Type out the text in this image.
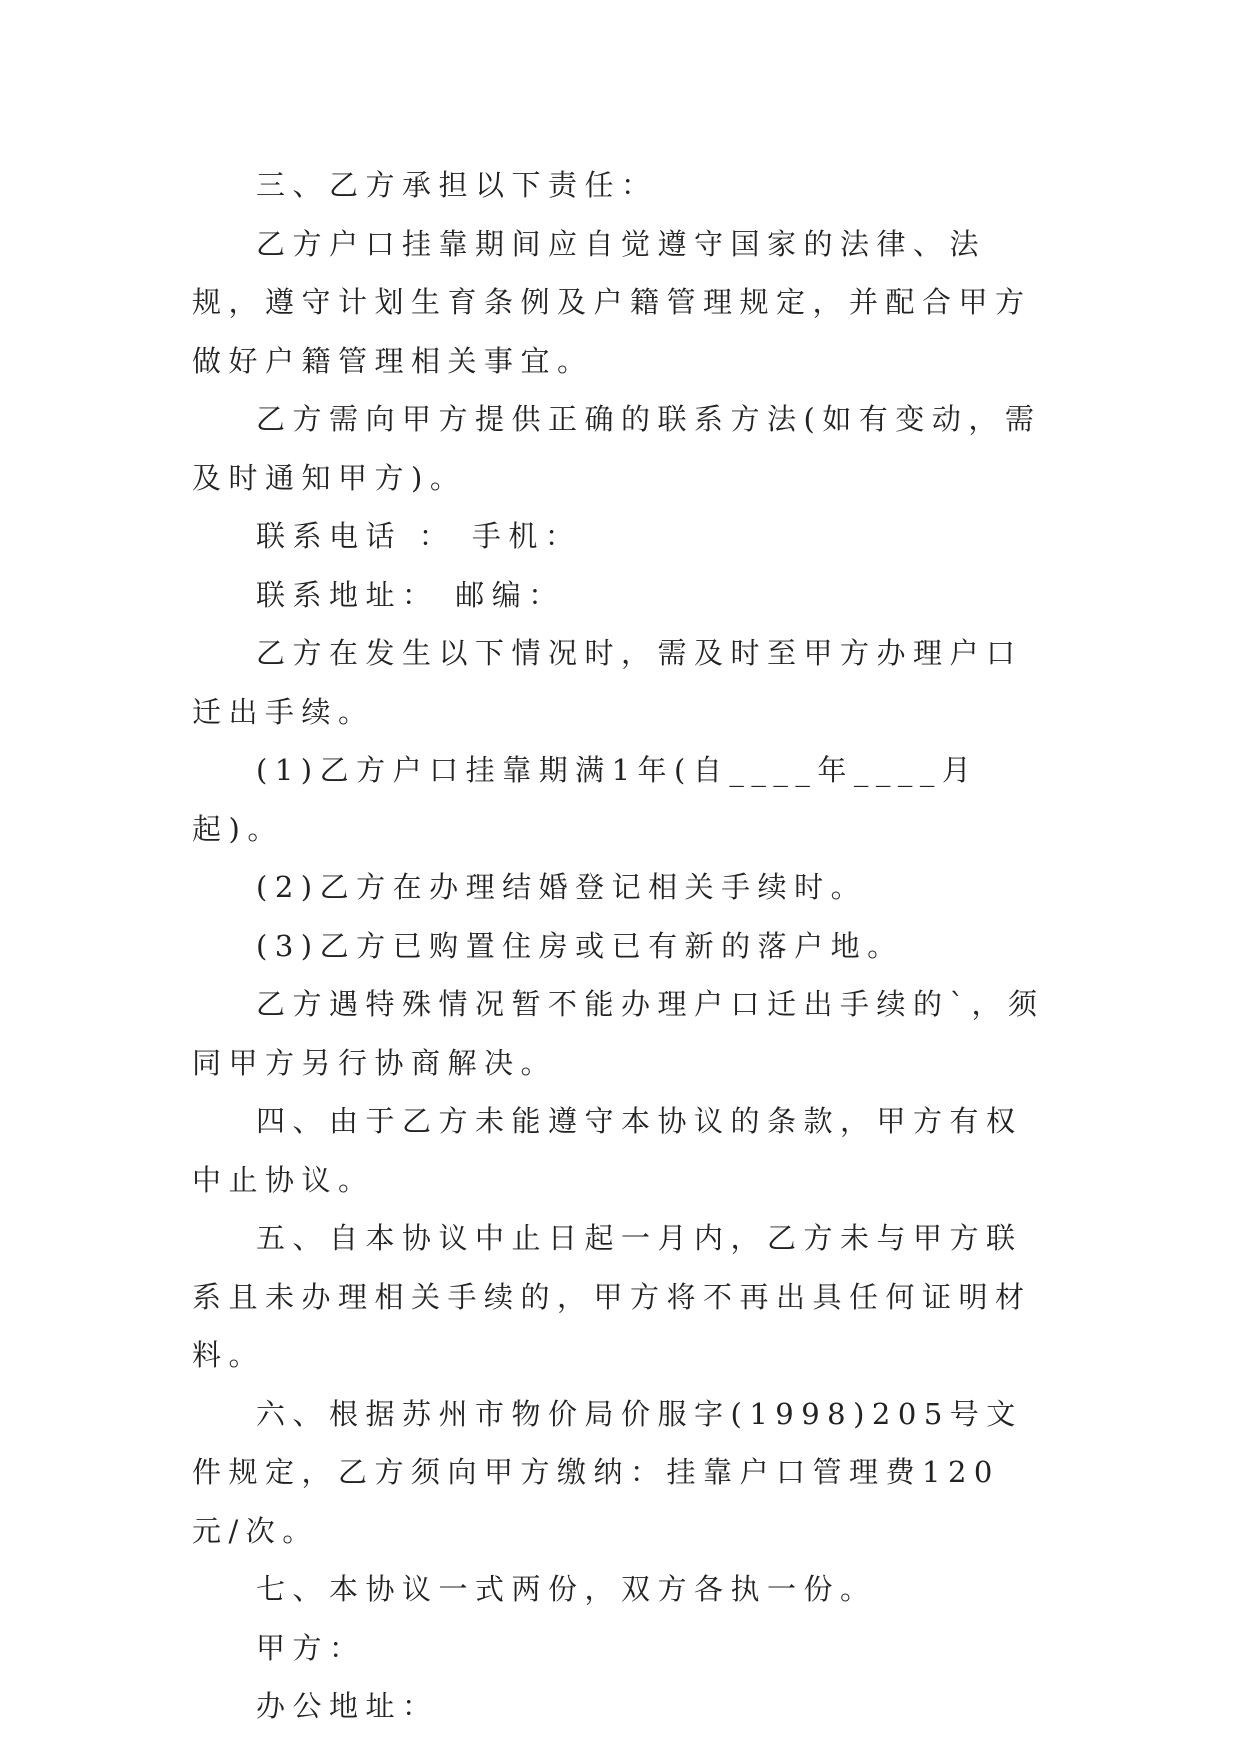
三、乙方承担以下责任：

乙方户口挂靠期间应自觉遵守国家的法律、法规，遵守计划生育条例及户籍管理规定，并配合甲方做好户籍管理相关事宜。

乙方需向甲方提供正确的联系方法(如有变动，需及时通知甲方)。

联系电话 ： 手机：

联系地址： 邮编：

乙方在发生以下情况时，需及时至甲方办理户口迁出手续。

(1)乙方户口挂靠期满1年(自____年____月起)。

(2)乙方在办理结婚登记相关手续时。

(3)乙方已购置住房或已有新的落户地。

乙方遇特殊情况暂不能办理户口迁出手续的`，须同甲方另行协商解决。

四、由于乙方未能遵守本协议的条款，甲方有权中止协议。

五、自本协议中止日起一月内，乙方未与甲方联系且未办理相关手续的，甲方将不再出具任何证明材料。

六、根据苏州市物价局价服字(1998)205号文件规定，乙方须向甲方缴纳：挂靠户口管理费120元/次。

七、本协议一式两份，双方各执一份。

甲方：

办公地址：
